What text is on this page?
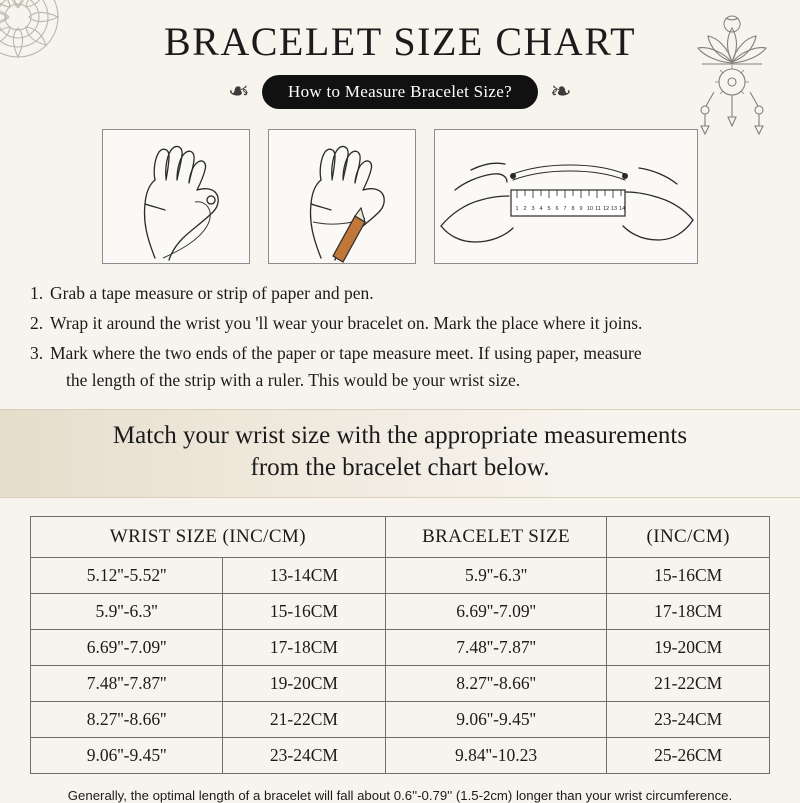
BRACELET SIZE CHART
❧	How to Measure Bracelet Size?	❧
1 2 3 4 5 6 7 8 9 10 11 12 13 14
1. Grab a tape measure or strip of paper and pen.
2. Wrap it around the wrist you 'll wear your bracelet on. Mark the place where it joins.
3. Mark where the two ends of the paper or tape measure meet. If using paper, measure
the length of the strip with a ruler. This would be your wrist size.
Match your wrist size with the appropriate measurements
from the bracelet chart below.
WRIST SIZE (INC/CM)		BRACELET SIZE	(INC/CM)
5.12''-5.52''	13-14CM	5.9''-6.3''	15-16CM
5.9''-6.3''	15-16CM	6.69''-7.09''	17-18CM
6.69''-7.09''	17-18CM	7.48''-7.87''	19-20CM
7.48''-7.87''	19-20CM	8.27''-8.66''	21-22CM
8.27''-8.66''	21-22CM	9.06''-9.45''	23-24CM
9.06''-9.45''	23-24CM	9.84''-10.23	25-26CM
Generally, the optimal length of a bracelet will fall about 0.6''-0.79'' (1.5-2cm) longer than your wrist circumference.
